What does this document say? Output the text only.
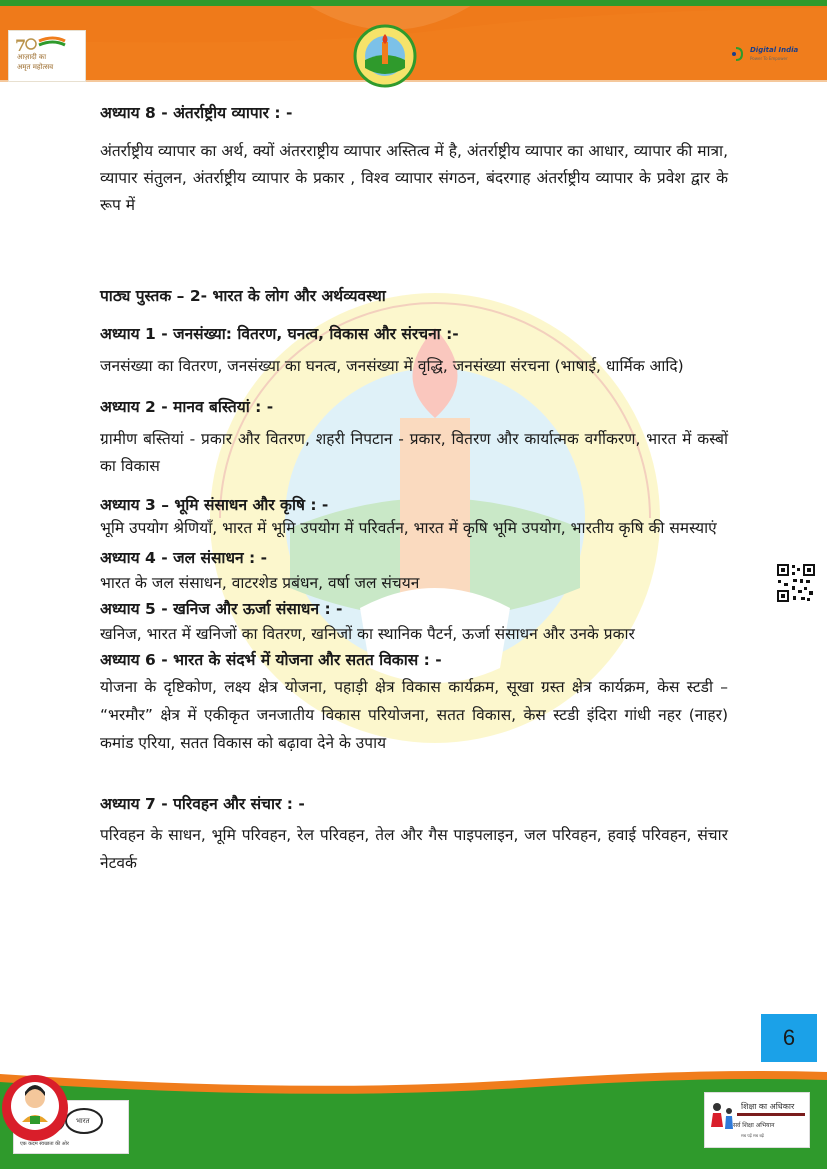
7
आज़ादी का
अमृत महोत्सव
Digital India
Power To Empower

अध्याय 8 - अंतर्राष्ट्रीय व्यापार : -

अंतर्राष्ट्रीय व्यापार का अर्थ, क्यों अंतरराष्ट्रीय व्यापार अस्तित्व में है, अंतर्राष्ट्रीय व्यापार का आधार, व्यापार की मात्रा, व्यापार संतुलन, अंतर्राष्ट्रीय व्यापार के प्रकार , विश्व व्यापार संगठन, बंदरगाह अंतर्राष्ट्रीय व्यापार के प्रवेश द्वार के रूप में

पाठ्य पुस्तक – 2- भारत के लोग और अर्थव्यवस्था

अध्याय 1 - जनसंख्या: वितरण, घनत्व, विकास और संरचना :-

जनसंख्या का वितरण, जनसंख्या का घनत्व, जनसंख्या में वृद्धि, जनसंख्या संरचना (भाषाई, धार्मिक आदि)

अध्याय 2 - मानव बस्तियां : -

ग्रामीण बस्तियां - प्रकार और वितरण, शहरी निपटान - प्रकार, वितरण और कार्यात्मक वर्गीकरण, भारत में कस्बों का विकास

अध्याय 3 – भूमि संसाधन और कृषि : -

भूमि उपयोग श्रेणियाँ, भारत में भूमि उपयोग में परिवर्तन, भारत में कृषि भूमि उपयोग, भारतीय कृषि की समस्याएं

अध्याय 4 - जल संसाधन : -

भारत के जल संसाधन, वाटरशेड प्रबंधन, वर्षा जल संचयन

अध्याय 5 - खनिज और ऊर्जा संसाधन : -

खनिज, भारत में खनिजों का वितरण, खनिजों का स्थानिक पैटर्न, ऊर्जा संसाधन और उनके प्रकार

अध्याय 6 - भारत के संदर्भ में योजना और सतत विकास : -

योजना के दृष्टिकोण, लक्ष्य क्षेत्र योजना, पहाड़ी क्षेत्र विकास कार्यक्रम, सूखा ग्रस्त क्षेत्र कार्यक्रम, केस स्टडी – “भरमौर” क्षेत्र में एकीकृत जनजातीय विकास परियोजना, सतत विकास, केस स्टडी इंदिरा गांधी नहर (नाहर) कमांड एरिया, सतत विकास को बढ़ावा देने के उपाय

अध्याय 7 - परिवहन और संचार : -

परिवहन के साधन, भूमि परिवहन, रेल परिवहन, तेल और गैस पाइपलाइन, जल परिवहन, हवाई परिवहन, संचार नेटवर्क

6
भारत
एक कदम स्वच्छता की ओर
शिक्षा का अधिकार
सर्व शिक्षा अभियान
सब पढ़ें सब बढ़ें
